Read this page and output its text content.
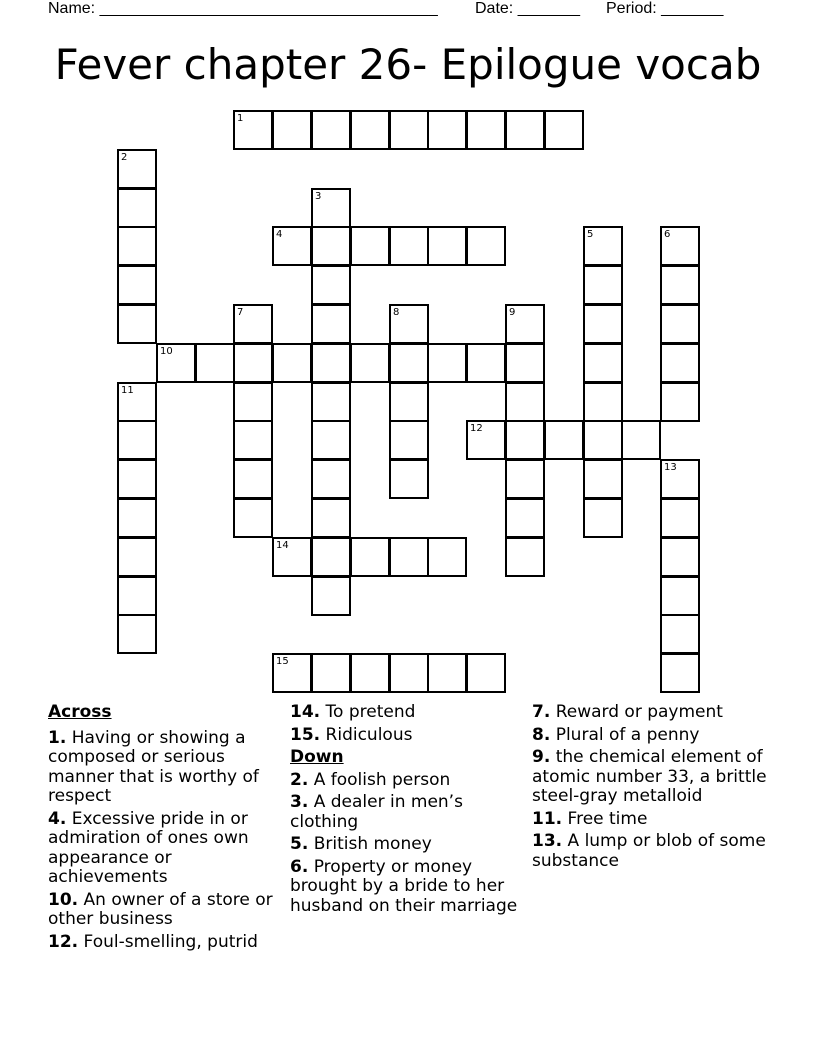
Name: ______________________________________

Date: _______

Period: _______

Fever chapter 26- Epilogue vocab
1
2
3
4	5	6
7	8	9
10
11
12
13
14
15
Across
1. Having or showing a composed or serious manner that is worthy of respect
4. Excessive pride in or admiration of ones own appearance or achievements
10. An owner of a store or other business
12. Foul-smelling, putrid
14. To pretend
15. Ridiculous
Down
2. A foolish person
3. A dealer in men’s clothing
5. British money
6. Property or money brought by a bride to her husband on their marriage
7. Reward or payment
8. Plural of a penny
9. the chemical element of atomic number 33, a brittle steel-gray metalloid
11. Free time
13. A lump or blob of some substance
